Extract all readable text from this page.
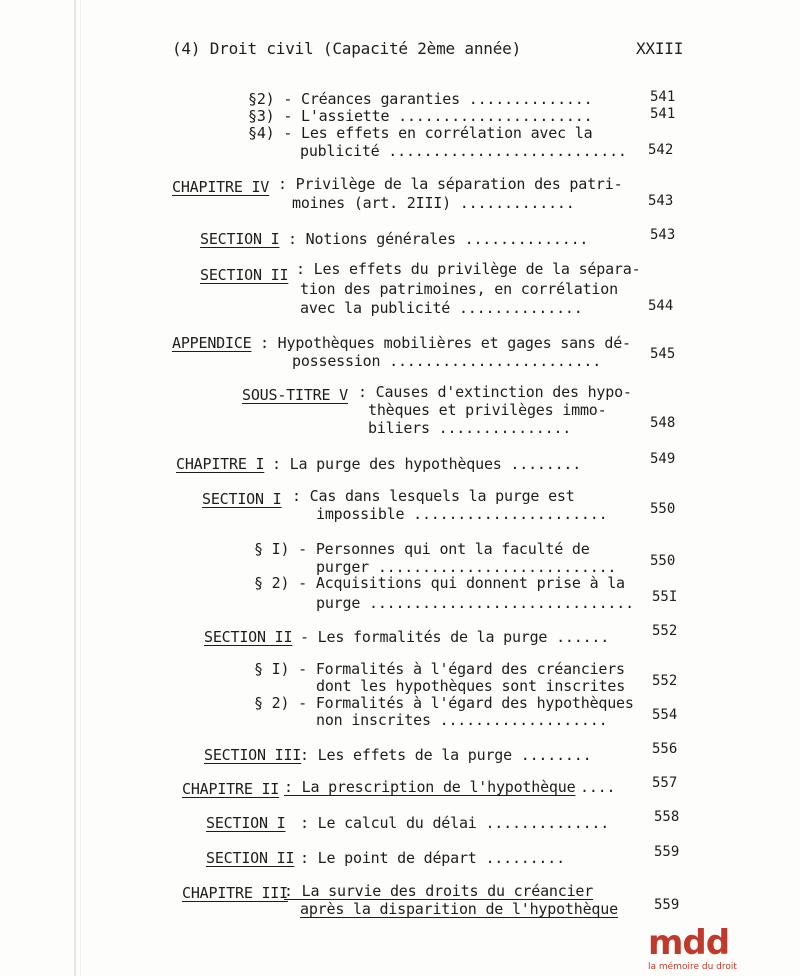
(4) Droit civil (Capacité 2ème année)	XXIII
§2) - Créances garanties ..............	541
§3) - L'assiette ......................	541
§4) - Les effets en corrélation avec la
publicité ........................... 542
CHAPITRE IV : Privilège de la séparation des patri-
moines (art. 2III) .............	543
SECTION I : Notions générales ..............	543
SECTION II : Les effets du privilège de la sépara-
tion des patrimoines, en corrélation
avec la publicité ..............	544
APPENDICE : Hypothèques mobilières et gages sans dé-
possession ........................	545
SOUS-TITRE V : Causes d'extinction des hypo-
thèques et privilèges immo-
biliers ...............	548
CHAPITRE I : La purge des hypothèques ........	549
SECTION I : Cas dans lesquels la purge est
impossible ......................	550
§ I) - Personnes qui ont la faculté de
purger ........................... 550
§ 2) - Acquisitions qui donnent prise à la
purge .............................. 55I
SECTION II - Les formalités de la purge ......	552
§ I) - Formalités à l'égard des créanciers
dont les hypothèques sont inscrites 552
§ 2) - Formalités à l'égard des hypothèques
non inscrites ...................	554
SECTION III
: Les effets de la purge ........	556
CHAPITRE II : La prescription de l'hypothèque ....	557
SECTION I : Le calcul du délai ..............	558
SECTION II : Le point de départ .........	559
CHAPITRE III
: La survie des droits du créancier
après la disparition de l'hypothèque	559
mdd
la mémoire du droit
